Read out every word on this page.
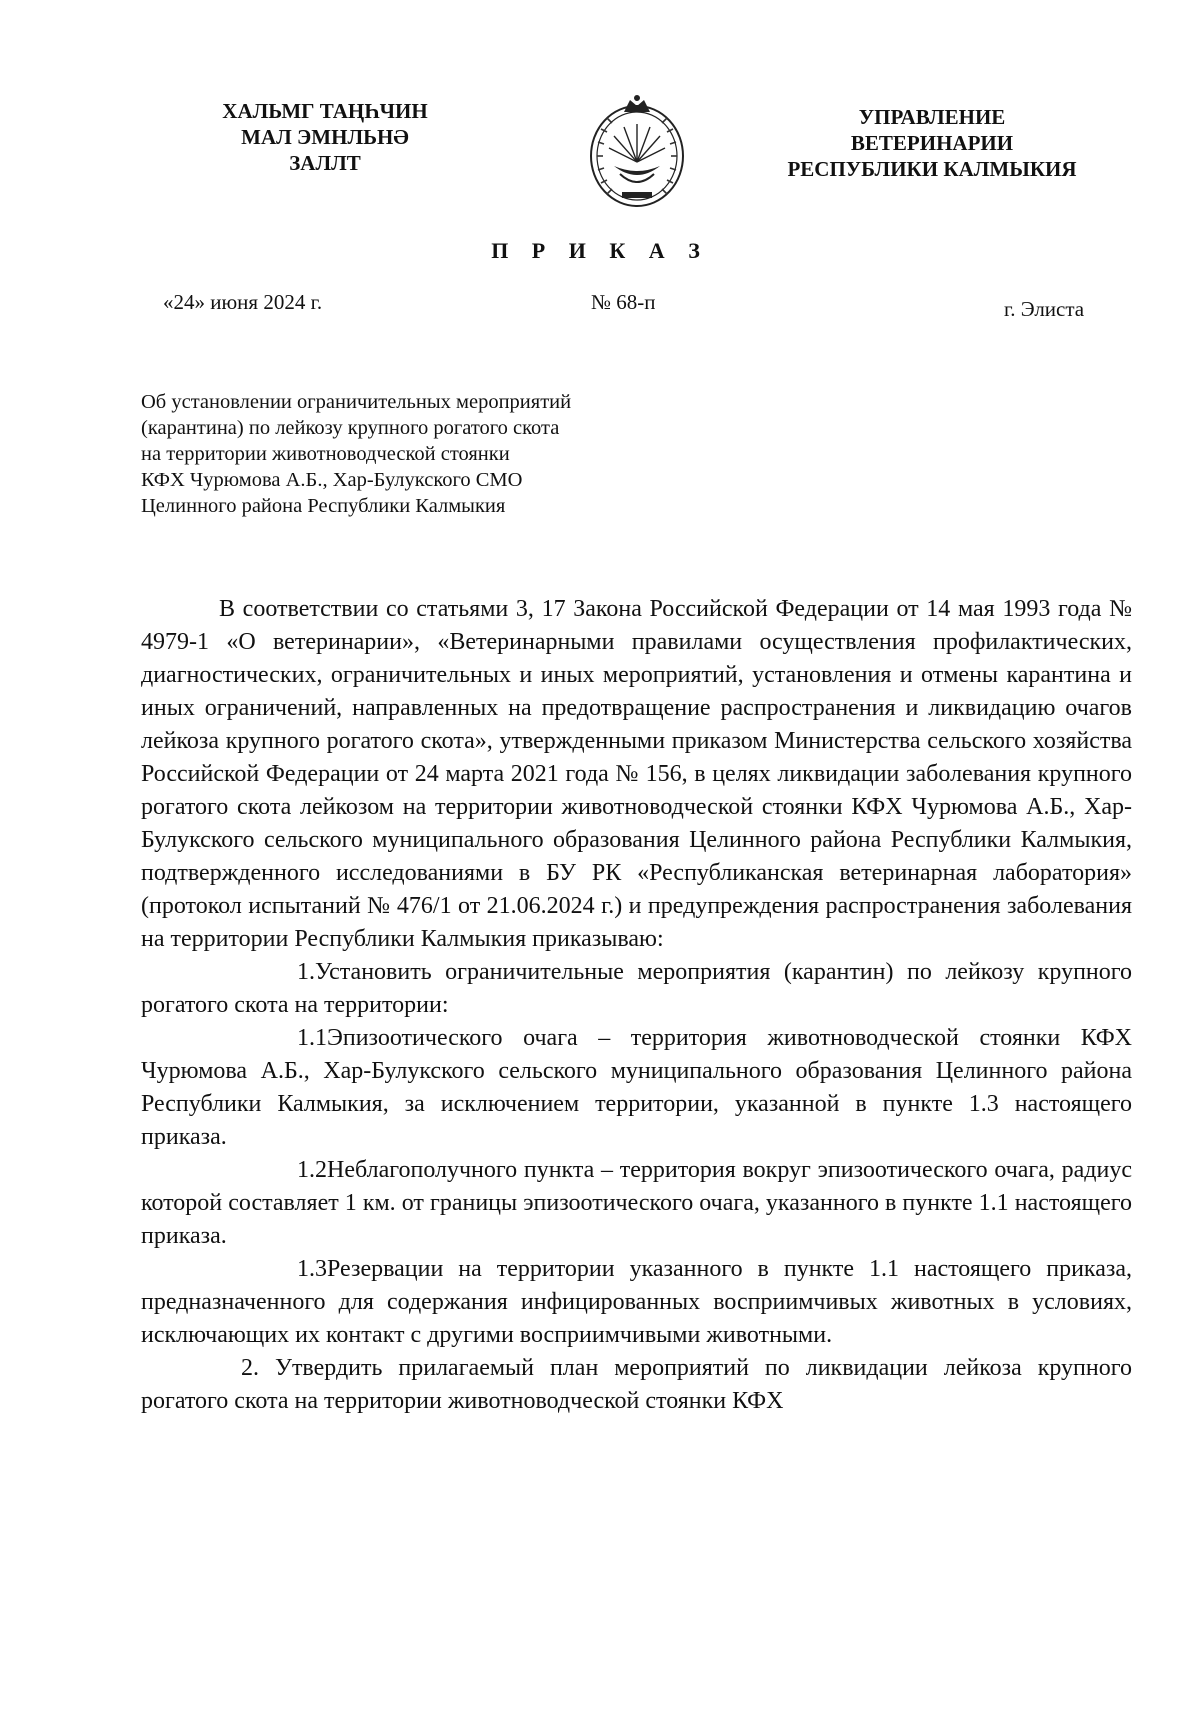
ХАЛЬМГ ТАҢҺЧИН
МАЛ ЭМНЛЬНӘ
ЗАЛЛТ
УПРАВЛЕНИЕ
ВЕТЕРИНАРИИ
РЕСПУБЛИКИ КАЛМЫКИЯ
П Р И К А З
«24» июня 2024 г.	№ 68-п	г. Элиста
Об установлении ограничительных мероприятий
(карантина) по лейкозу крупного рогатого скота
на территории животноводческой стоянки
КФХ Чурюмова А.Б., Хар-Булукского СМО
Целинного района Республики Калмыкия

В соответствии со статьями 3, 17 Закона Российской Федерации от 14 мая 1993 года № 4979-1 «О ветеринарии», «Ветеринарными правилами осуществления профилактических, диагностических, ограничительных и иных мероприятий, установления и отмены карантина и иных ограничений, направленных на предотвращение распространения и ликвидацию очагов лейкоза крупного рогатого скота», утвержденными приказом Министерства сельского хозяйства Российской Федерации от 24 марта 2021 года № 156, в целях ликвидации заболевания крупного рогатого скота лейкозом на территории животноводческой стоянки КФХ Чурюмова А.Б., Хар-Булукского сельского муниципального образования Целинного района Республики Калмыкия, подтвержденного исследованиями в БУ РК «Республиканская ветеринарная лаборатория» (протокол испытаний № 476/1 от 21.06.2024 г.) и предупреждения распространения заболевания на территории Республики Калмыкия приказываю:

1.Установить ограничительные мероприятия (карантин) по лейкозу крупного рогатого скота на территории:

1.1Эпизоотического очага – территория животноводческой стоянки КФХ Чурюмова А.Б., Хар-Булукского сельского муниципального образования Целинного района Республики Калмыкия, за исключением территории, указанной в пункте 1.3 настоящего приказа.

1.2Неблагополучного пункта – территория вокруг эпизоотического очага, радиус которой составляет 1 км. от границы эпизоотического очага, указанного в пункте 1.1 настоящего приказа.

1.3Резервации на территории указанного в пункте 1.1 настоящего приказа, предназначенного для содержания инфицированных восприимчивых животных в условиях, исключающих их контакт с другими восприимчивыми животными.

2. Утвердить прилагаемый план мероприятий по ликвидации лейкоза крупного рогатого скота на территории животноводческой стоянки КФХ
